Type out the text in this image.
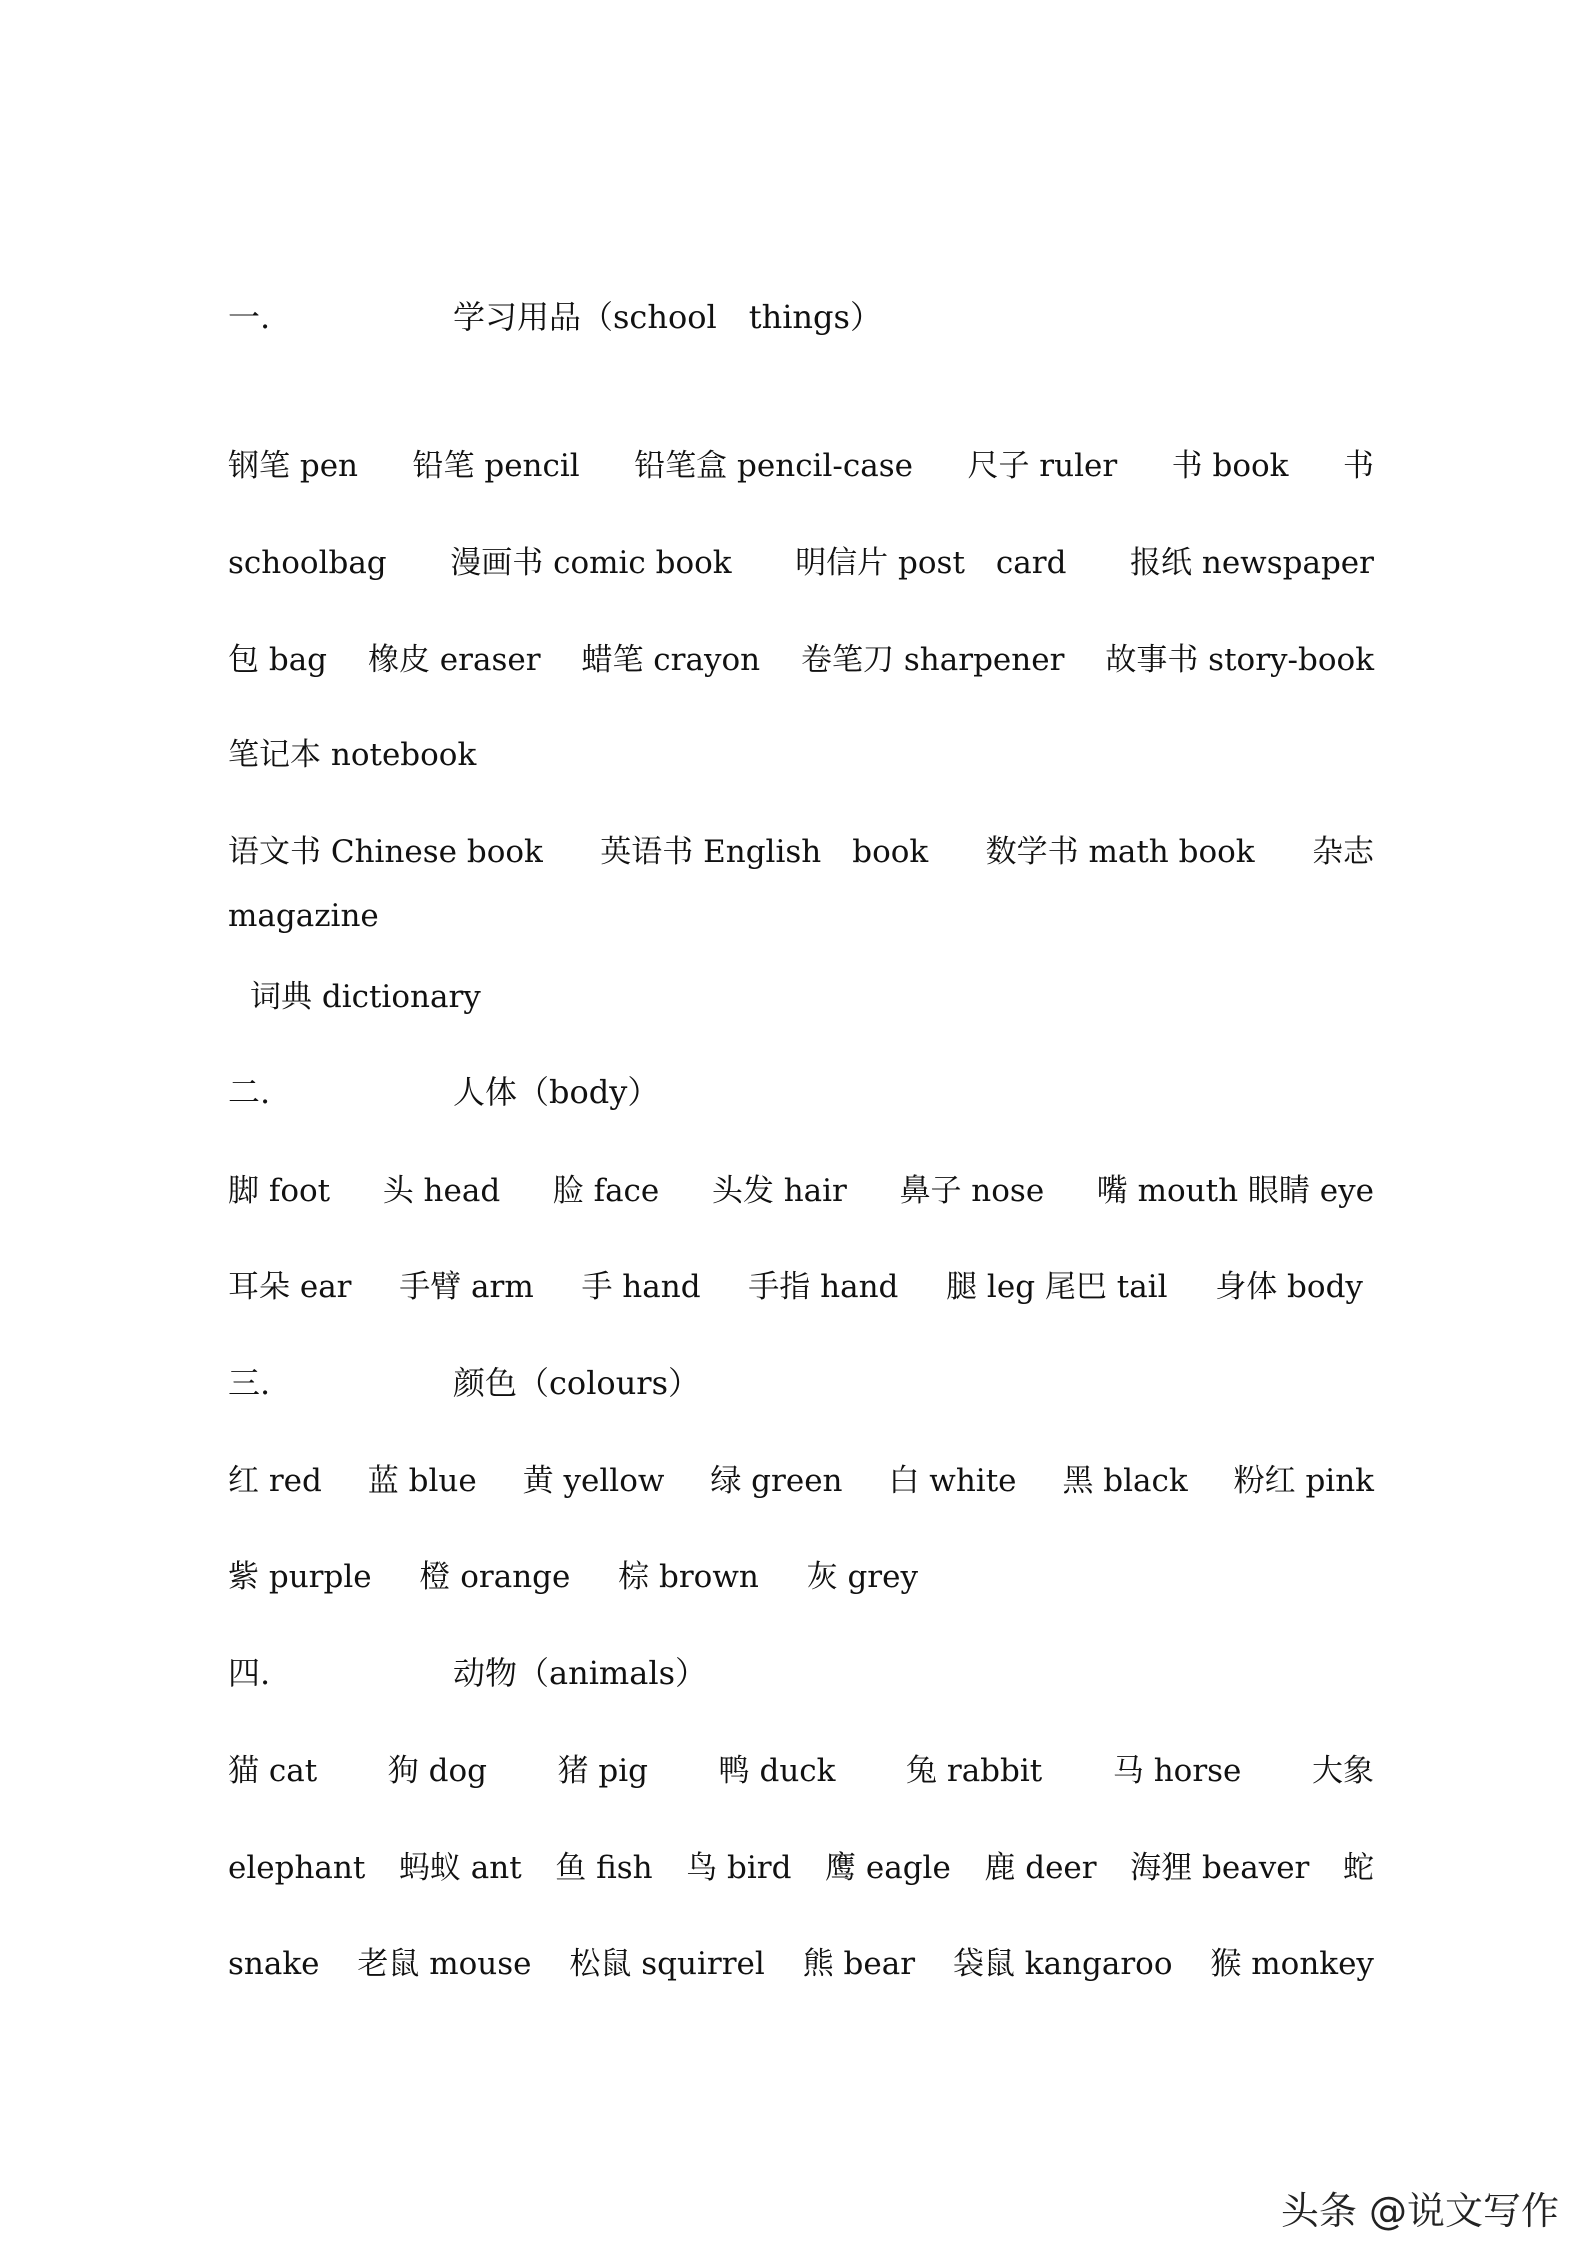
一.	学习用品（school　things）
钢笔 pen 铅笔 pencil 铅笔盒 pencil-case 尺子 ruler 书 book 书
schoolbag 漫画书 comic book 明信片 post　card 报纸 newspaper
包 bag 橡皮 eraser 蜡笔 crayon 卷笔刀 sharpener 故事书 story-book
笔记本 notebook
语文书 Chinese book 英语书 English　book 数学书 math book 杂志
magazine
词典 dictionary
二.	人体（body）
脚 foot 头 head 脸 face 头发 hair 鼻子 nose 嘴 mouth 眼睛 eye
耳朵 ear 手臂 arm 手 hand 手指 hand 腿 leg 尾巴 tail 身体 body
三.	颜色（colours）
红 red 蓝 blue 黄 yellow 绿 green 白 white 黑 black 粉红 pink
紫 purple 橙 orange 棕 brown 灰 grey
四.	动物（animals）
猫 cat 狗 dog 猪 pig 鸭 duck 兔 rabbit 马 horse 大象
elephant 蚂蚁 ant 鱼 fish 鸟 bird 鹰 eagle 鹿 deer 海狸 beaver 蛇
snake 老鼠 mouse 松鼠 squirrel 熊 bear 袋鼠 kangaroo 猴 monkey
头条 @说文写作
